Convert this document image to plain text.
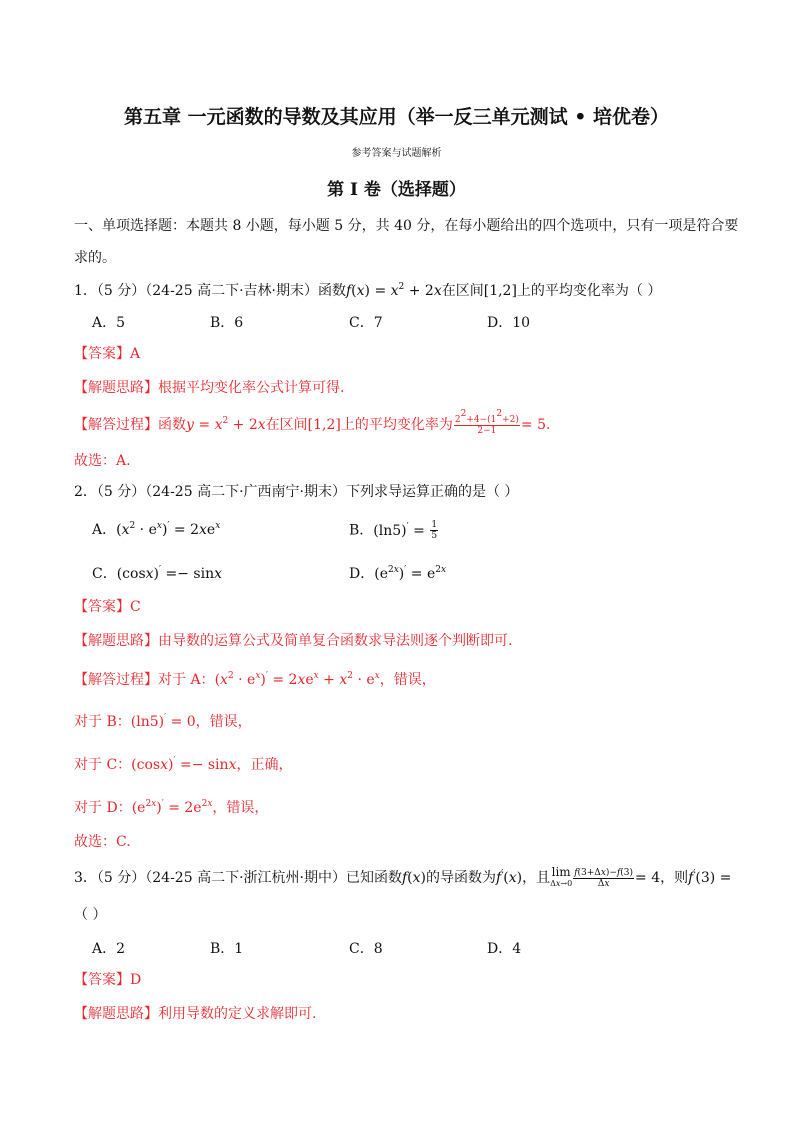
第五章 一元函数的导数及其应用（举一反三单元测试 • 培优卷）
参考答案与试题解析
第 I 卷（选择题）
一、单项选择题：本题共 8 小题，每小题 5 分，共 40 分，在每小题给出的四个选项中，只有一项是符合要
求的。
1．（5 分）（24-25 高二下·吉林·期末）函数$f(x) = x^2 + 2x$在区间[1,2]上的平均变化率为（ ）
A．5	B．6	C．7	D．10
【答案】A
【解题思路】根据平均变化率公式计算可得.
【解答过程】函数$y = x^2 + 2x$在区间[1,2]上的平均变化率为 $\frac{2^2+4-(1^2+2)}{2-1} = 5$.
故选：A.
2．（5 分）（24-25 高二下·广西南宁·期末）下列求导运算正确的是（ ）
A．$(x^2 \cdot e^x)' = 2xe^x$	B．$(\ln 5)' = \frac{1}{5}$
C．(cosx)′ =− sinx	D．$(e^{2x})' = e^{2x}$
【答案】C
【解题思路】由导数的运算公式及简单复合函数求导法则逐个判断即可.
【解答过程】对于 A：$(x^2 \cdot e^x)' = 2xe^x + x^2 \cdot e^x$，错误，
对于 B：(ln5)′ = 0，错误，
对于 C：(cosx)′ =− sinx，正确，
对于 D：$(e^{2x})' = 2e^{2x}$，错误，
故选：C.
3．（5 分）（24-25 高二下·浙江杭州·期中）已知函数f(x)的导函数为f′(x)，且 lim
$\Delta x\to 0 \frac{f(3+\Delta x)-f(3)}{\Delta x} = 4$，则f′(3) =
（ ）
A．2	B．1	C．8	D．4
【答案】D
【解题思路】利用导数的定义求解即可.
